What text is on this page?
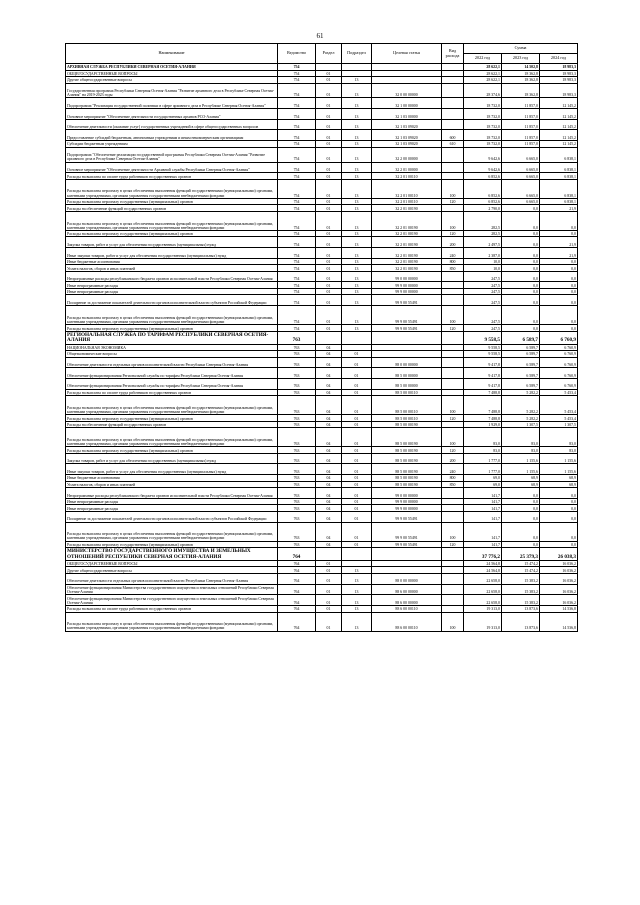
61
Наименование	Ведомство	Раздел	Подраздел	Целевая статья	Вид расхода	Сумма		
						2022 год	2023 год	2024 год
АРХИВНАЯ СЛУЖБА РЕСПУБЛИКИ СЕВЕРНАЯ ОСЕТИЯ-АЛАНИЯ	754					28 622,1	14 502,8	18 983,3
ОБЩЕГОСУДАРСТВЕННЫЕ ВОПРОСЫ	754	01				28 622,1	18 362,8	18 983,3
Другие общегосударственные вопросы	754	01	13			28 622,1	18 362,8	18 983,3
Государственная программа Республики Северная Осетия-Алания "Развитие архивного дела в Республике Северная Осетия-Алания" на 2019-2023 годы	754	01	13	32 0 00 00000		28 374,6	18 362,8	18 983,3
Подпрограмма "Реализация государственной политики в сфере архивного дела в Республике Северная Осетия-Алания"	754	01	13	32 1 00 00000		18 732,0	11 857,0	12 145,2
Основное мероприятие "Обеспечение деятельности государственных архивов РСО-Алания"	754	01	13	32 1 03 00000		18 732,0	11 857,0	12 145,2
Обеспечение деятельности (оказание услуг) государственных учреждений в сфере общегосударственных вопросов	754	01	13	32 1 03 09020		18 732,0	11 857,0	12 145,2
Предоставление субсидий бюджетным, автономным учреждениям и иным некоммерческим организациям	754	01	13	32 1 03 09020	600	18 732,0	11 857,0	12 145,2
Субсидии бюджетным учреждениям	754	01	13	32 1 03 09020	610	18 732,0	11 857,0	12 145,2
Подпрограмма "Обеспечение реализации государственной программы Республики Северная Осетия-Алания "Развитие архивного дела в Республике Северная Осетия-Алания"	754	01	13	32 2 00 00000		9 642,6	6 665,0	6 838,1
Основное мероприятие "Обеспечение деятельности Архивной службы Республики Северная Осетия-Алания"	754	01	13	32 2 01 00000		9 642,6	6 665,0	6 838,1
Расходы на выплаты по оплате труда работников государственных органов	754	01	13	32 2 01 00110		6 852,6	6 665,0	6 838,1
Расходы на выплаты персоналу в целях обеспечения выполнения функций государственными (муниципальными) органами, казенными учреждениями, органами управления государственными внебюджетными фондами	754	01	13	32 2 01 00110	100	6 852,6	6 665,0	6 838,1
Расходы на выплаты персоналу государственных (муниципальных) органов	754	01	13	32 2 01 00110	120	6 852,6	6 665,0	6 838,1
Расходы на обеспечение функций государственных органов	754	01	13	32 2 01 00190		2 790,0	0,0	21,9
Расходы на выплаты персоналу в целях обеспечения выполнения функций государственными (муниципальными) органами, казенными учреждениями, органами управления государственными внебюджетными фондами	754	01	13	32 2 01 00190	100	282,5	0,0	0,0
Расходы на выплаты персоналу государственных (муниципальных) органов	754	01	13	32 2 01 00190	120	282,5	0,0	0,0
Закупка товаров, работ и услуг для обеспечения государственных (муниципальных) нужд	754	01	13	32 2 01 00190	200	2 497,5	0,0	21,9
Иные закупки товаров, работ и услуг для обеспечения государственных (муниципальных) нужд	754	01	13	32 2 01 00190	240	2 387,0	0,0	21,9
Иные бюджетные ассигнования	754	01	13	32 2 01 00190	800	10,0	0,0	0,0
Уплата налогов, сборов и иных платежей	754	01	13	32 2 01 00190	850	10,0	0,0	0,0
Непрограммные расходы республиканского бюджета органов исполнительной власти Республики Северная Осетия-Алания	754	01	13	99 0 00 00000		247,5	0,0	0,0
Иные непрограммные расходы	754	01	13	99 9 00 00000		247,5	0,0	0,0
Иные непрограммные расходы	754	01	13	99 9 00 00000		247,5	0,0	0,0
Поощрение за достижение показателей деятельности органов исполнительной власти субъектов Российской Федерации	754	01	13	99 9 00 55491		247,5	0,0	0,0
Расходы на выплаты персоналу в целях обеспечения выполнения функций государственными (муниципальными) органами, казенными учреждениями, органами управления государственными внебюджетными фондами	754	01	13	99 9 00 55491	100	247,5	0,0	0,0
Расходы на выплаты персоналу государственных (муниципальных) органов	754	01	13	99 9 00 55491	120	247,5	0,0	0,0
РЕГИОНАЛЬНАЯ СЛУЖБА ПО ТАРИФАМ РЕСПУБЛИКИ СЕВЕРНАЯ ОСЕТИЯ-АЛАНИЯ	763					9 558,5	6 589,7	6 760,9
НАЦИОНАЛЬНАЯ ЭКОНОМИКА	763	04				9 558,5	6 589,7	6 760,9
Общеэкономические вопросы	763	04	01			9 558,5	6 589,7	6 760,9
Обеспечение деятельности отдельных органов исполнительной власти Республики Северная Осетия-Алания	763	04	01	88 0 00 00000		9 417,8	6 589,7	6 760,9
Обеспечение функционирования Региональной службы по тарифам Республики Северная Осетия-Алания	763	04	01	88 5 00 00000		9 417,8	6 589,7	6 760,9
Обеспечение функционирования Региональной службы по тарифам Республики Северная Осетия-Алания	763	04	01	88 5 00 00000		9 417,8	6 589,7	6 760,9
Расходы на выплаты по оплате труда работников государственных органов	763	04	01	88 5 00 00110		7 488,8	5 282,2	5 453,4
Расходы на выплаты персоналу в целях обеспечения выполнения функций государственными (муниципальными) органами, казенными учреждениями, органами управления государственными внебюджетными фондами	763	04	01	88 5 00 00110	100	7 488,8	5 282,2	5 453,4
Расходы на выплаты персоналу государственных (муниципальных) органов	763	04	01	88 5 00 00110	120	7 488,8	5 282,2	5 453,4
Расходы на обеспечение функций государственных органов	763	04	01	88 5 00 00190		1 929,0	1 307,5	1 307,5
Расходы на выплаты персоналу в целях обеспечения выполнения функций государственными (муниципальными) органами, казенными учреждениями, органами управления государственными внебюджетными фондами	763	04	01	88 5 00 00190	100	83,0	83,0	83,0
Расходы на выплаты персоналу государственных (муниципальных) органов	763	04	01	88 5 00 00190	120	83,0	83,0	83,0
Закупка товаров, работ и услуг для обеспечения государственных (муниципальных) нужд	763	04	01	88 5 00 00190	200	1 777,0	1 155,6	1 155,6
Иные закупки товаров, работ и услуг для обеспечения государственных (муниципальных) нужд	763	04	01	88 5 00 00190	240	1 777,0	1 155,6	1 155,6
Иные бюджетные ассигнования	763	04	01	88 5 00 00190	800	69,0	68,9	68,9
Уплата налогов, сборов и иных платежей	763	04	01	88 5 00 00190	850	69,0	68,9	68,9
Непрограммные расходы республиканского бюджета органов исполнительной власти Республики Северная Осетия-Алания	763	04	01	99 0 00 00000		141,7	0,0	0,0
Иные непрограммные расходы	763	04	01	99 9 00 00000		141,7	0,0	0,0
Иные непрограммные расходы	763	04	01	99 9 00 00000		141,7	0,0	0,0
Поощрение за достижение показателей деятельности органов исполнительной власти субъектов Российской Федерации	763	04	01	99 9 00 55491		141,7	0,0	0,0
Расходы на выплаты персоналу в целях обеспечения выполнения функций государственными (муниципальными) органами, казенными учреждениями, органами управления государственными внебюджетными фондами	763	04	01	99 9 00 55491	100	141,7	0,0	0,0
Расходы на выплаты персоналу государственных (муниципальных) органов	763	04	01	99 9 00 55491	120	141,7	0,0	0,0
МИНИСТЕРСТВО ГОСУДАРСТВЕННОГО ИМУЩЕСТВА И ЗЕМЕЛЬНЫХ ОТНОШЕНИЙ РЕСПУБЛИКИ СЕВЕРНАЯ ОСЕТИЯ-АЛАНИЯ	764					37 776,2	25 379,3	26 038,3
ОБЩЕГОСУДАРСТВЕННЫЕ ВОПРОСЫ	764	01				24 564,8	15 474,2	16 036,2
Другие общегосударственные вопросы	764	01	13			24 564,8	15 474,2	16 036,2
Обеспечение деятельности отдельных органов исполнительной власти Республики Северная Осетия-Алания	764	01	13	88 0 00 00000		22 658,0	15 383,2	16 036,2
Обеспечение функционирования Министерства государственного имущества и земельных отношений Республики Северная Осетия-Алания	764	01	13	88 6 00 00000		22 658,0	15 383,2	16 036,2
Обеспечение функционирования Министерства государственного имущества и земельных отношений Республики Северная Осетия-Алания	764	01	13	88 6 00 00000		22 658,0	15 383,2	16 036,2
Расходы на выплаты по оплате труда работников государственных органов	764	01	13	88 6 00 00110		19 313,0	13 873,6	14 536,8
Расходы на выплаты персоналу в целях обеспечения выполнения функций государственными (муниципальными) органами, казенными учреждениями, органами управления государственными внебюджетными фондами	764	01	13	88 6 00 00110	100	19 313,0	13 873,6	14 536,8
